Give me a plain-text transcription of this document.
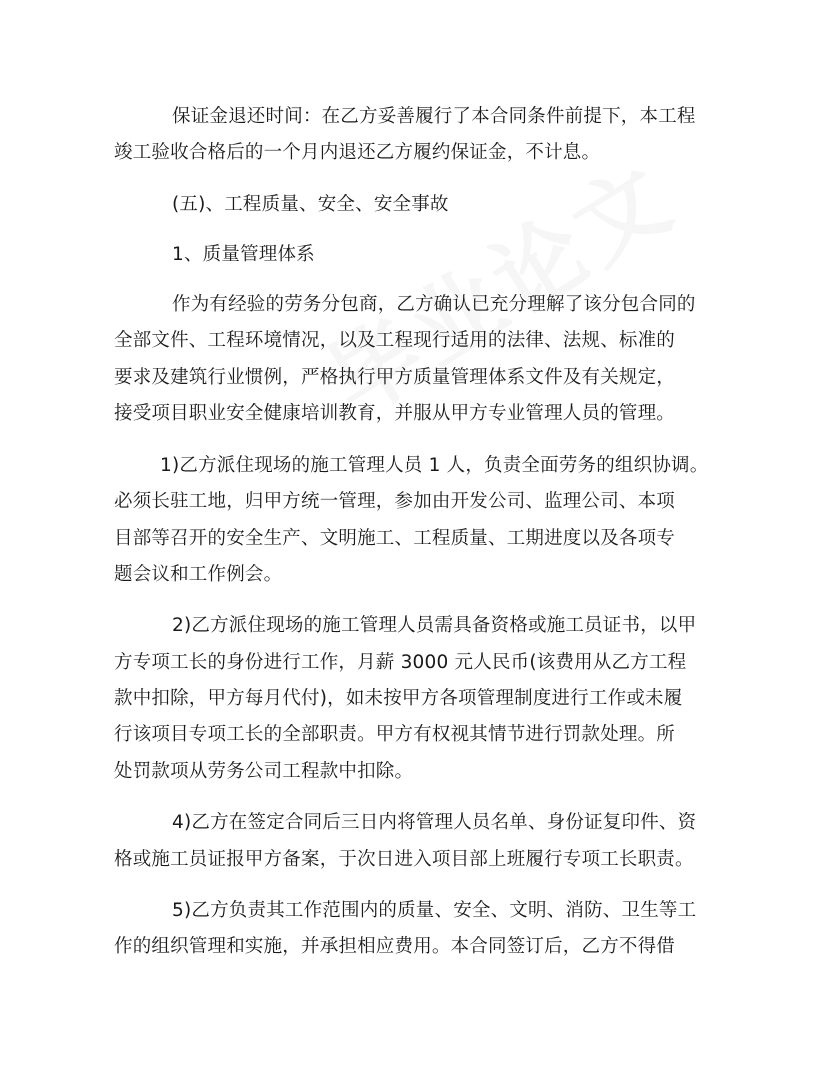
保证金退还时间：在乙方妥善履行了本合同条件前提下，本工程
竣工验收合格后的一个月内退还乙方履约保证金，不计息。
(五)、工程质量、安全、安全事故
1、质量管理体系
作为有经验的劳务分包商，乙方确认已充分理解了该分包合同的
全部文件、工程环境情况，以及工程现行适用的法律、法规、标准的
要求及建筑行业惯例，严格执行甲方质量管理体系文件及有关规定，
接受项目职业安全健康培训教育，并服从甲方专业管理人员的管理。
1)乙方派住现场的施工管理人员 1 人，负责全面劳务的组织协调。
必须长驻工地，归甲方统一管理，参加由开发公司、监理公司、本项
目部等召开的安全生产、文明施工、工程质量、工期进度以及各项专
题会议和工作例会。
2)乙方派住现场的施工管理人员需具备资格或施工员证书，以甲
方专项工长的身份进行工作，月薪 3000 元人民币(该费用从乙方工程
款中扣除，甲方每月代付)，如未按甲方各项管理制度进行工作或未履
行该项目专项工长的全部职责。甲方有权视其情节进行罚款处理。所
处罚款项从劳务公司工程款中扣除。
4)乙方在签定合同后三日内将管理人员名单、身份证复印件、资
格或施工员证报甲方备案，于次日进入项目部上班履行专项工长职责。
5)乙方负责其工作范围内的质量、安全、文明、消防、卫生等工
作的组织管理和实施，并承担相应费用。本合同签订后，乙方不得借
